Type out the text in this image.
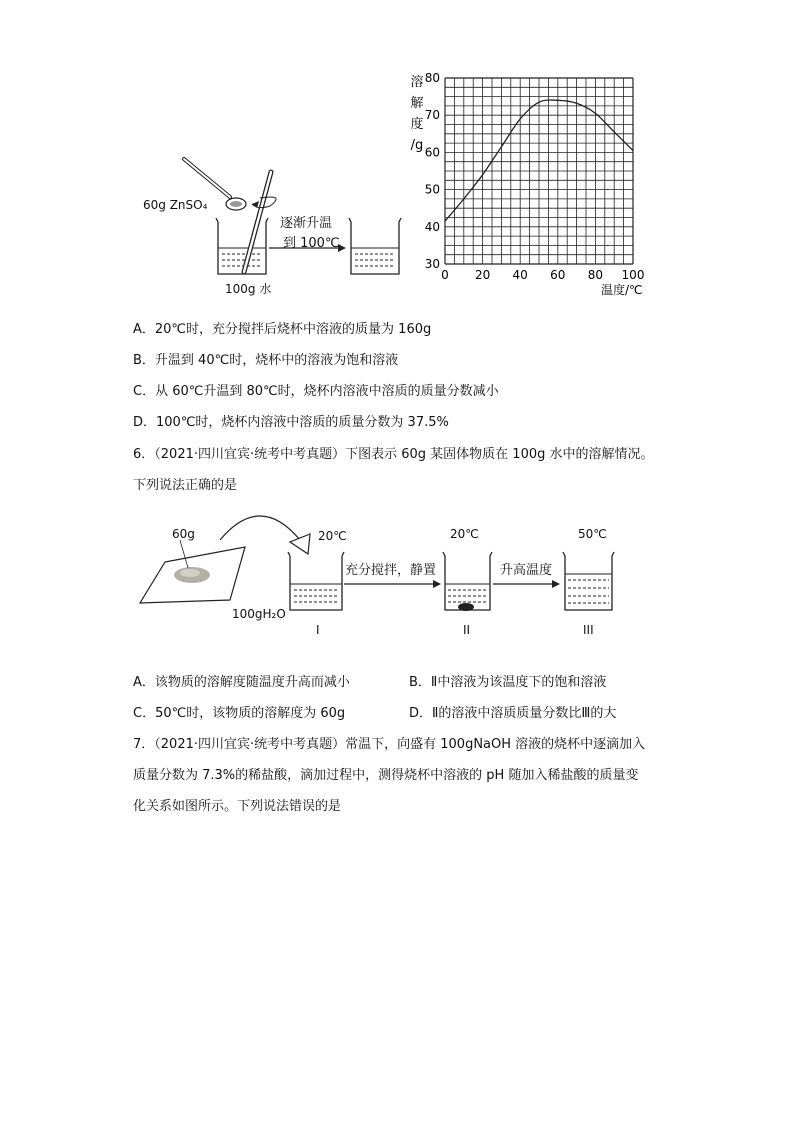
60g ZnSO₄
逐渐升温
到 100℃
100g 水
溶
解
度
/g
30
40
50
60
70
80
0 20 40 60 80 100
温度/℃
A．20℃时，充分搅拌后烧杯中溶液的质量为 160g
B．升温到 40℃时，烧杯中的溶液为饱和溶液
C．从 60℃升温到 80℃时，烧杯内溶液中溶质的质量分数减小
D．100℃时，烧杯内溶液中溶质的质量分数为 37.5%
6．（2021·四川宜宾·统考中考真题）下图表示 60g 某固体物质在 100g 水中的溶解情况。
下列说法正确的是
60g	20℃	20℃	50℃
充分搅拌，静置	升高温度
100gH₂O
I	II	III
A．该物质的溶解度随温度升高而减小	B．Ⅱ中溶液为该温度下的饱和溶液
C．50℃时，该物质的溶解度为 60g	D．Ⅱ的溶液中溶质质量分数比Ⅲ的大
7．（2021·四川宜宾·统考中考真题）常温下，向盛有 100gNaOH 溶液的烧杯中逐滴加入
质量分数为 7.3%的稀盐酸，滴加过程中，测得烧杯中溶液的 pH 随加入稀盐酸的质量变
化关系如图所示。下列说法错误的是
